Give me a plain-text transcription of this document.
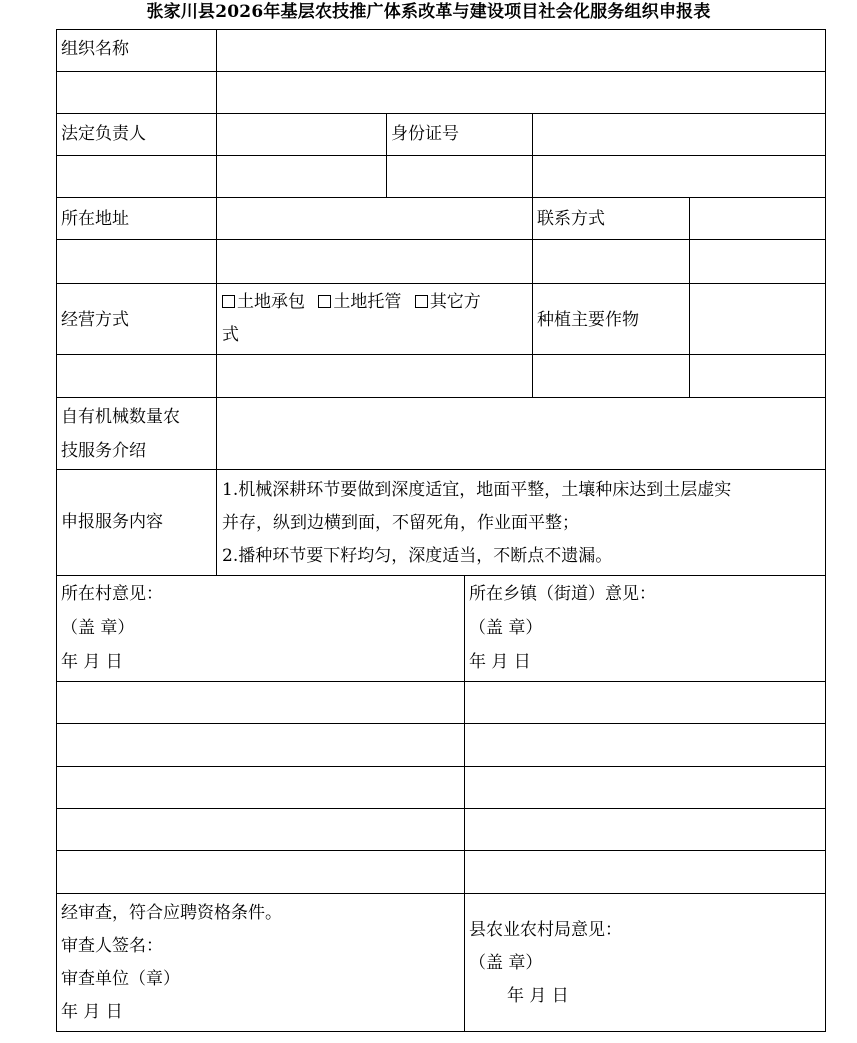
张家川县2026年基层农技推广体系改革与建设项目社会化服务组织申报表
组织名称
法定负责人	身份证号
所在地址	联系方式
经营方式
土地承包 土地托管 其它方
式
种植主要作物
自有机械数量农
技服务介绍
申报服务内容
1.机械深耕环节要做到深度适宜，地面平整，土壤种床达到土层虚实
并存，纵到边横到面，不留死角，作业面平整；
2.播种环节要下籽均匀，深度适当，不断点不遗漏。
所在村意见：
（盖 章）
年 月 日
所在乡镇（街道）意见：
（盖 章）
年 月 日
经审查，符合应聘资格条件。
审查人签名：
审查单位（章）
年 月 日
县农业农村局意见：
（盖 章）
年 月 日
